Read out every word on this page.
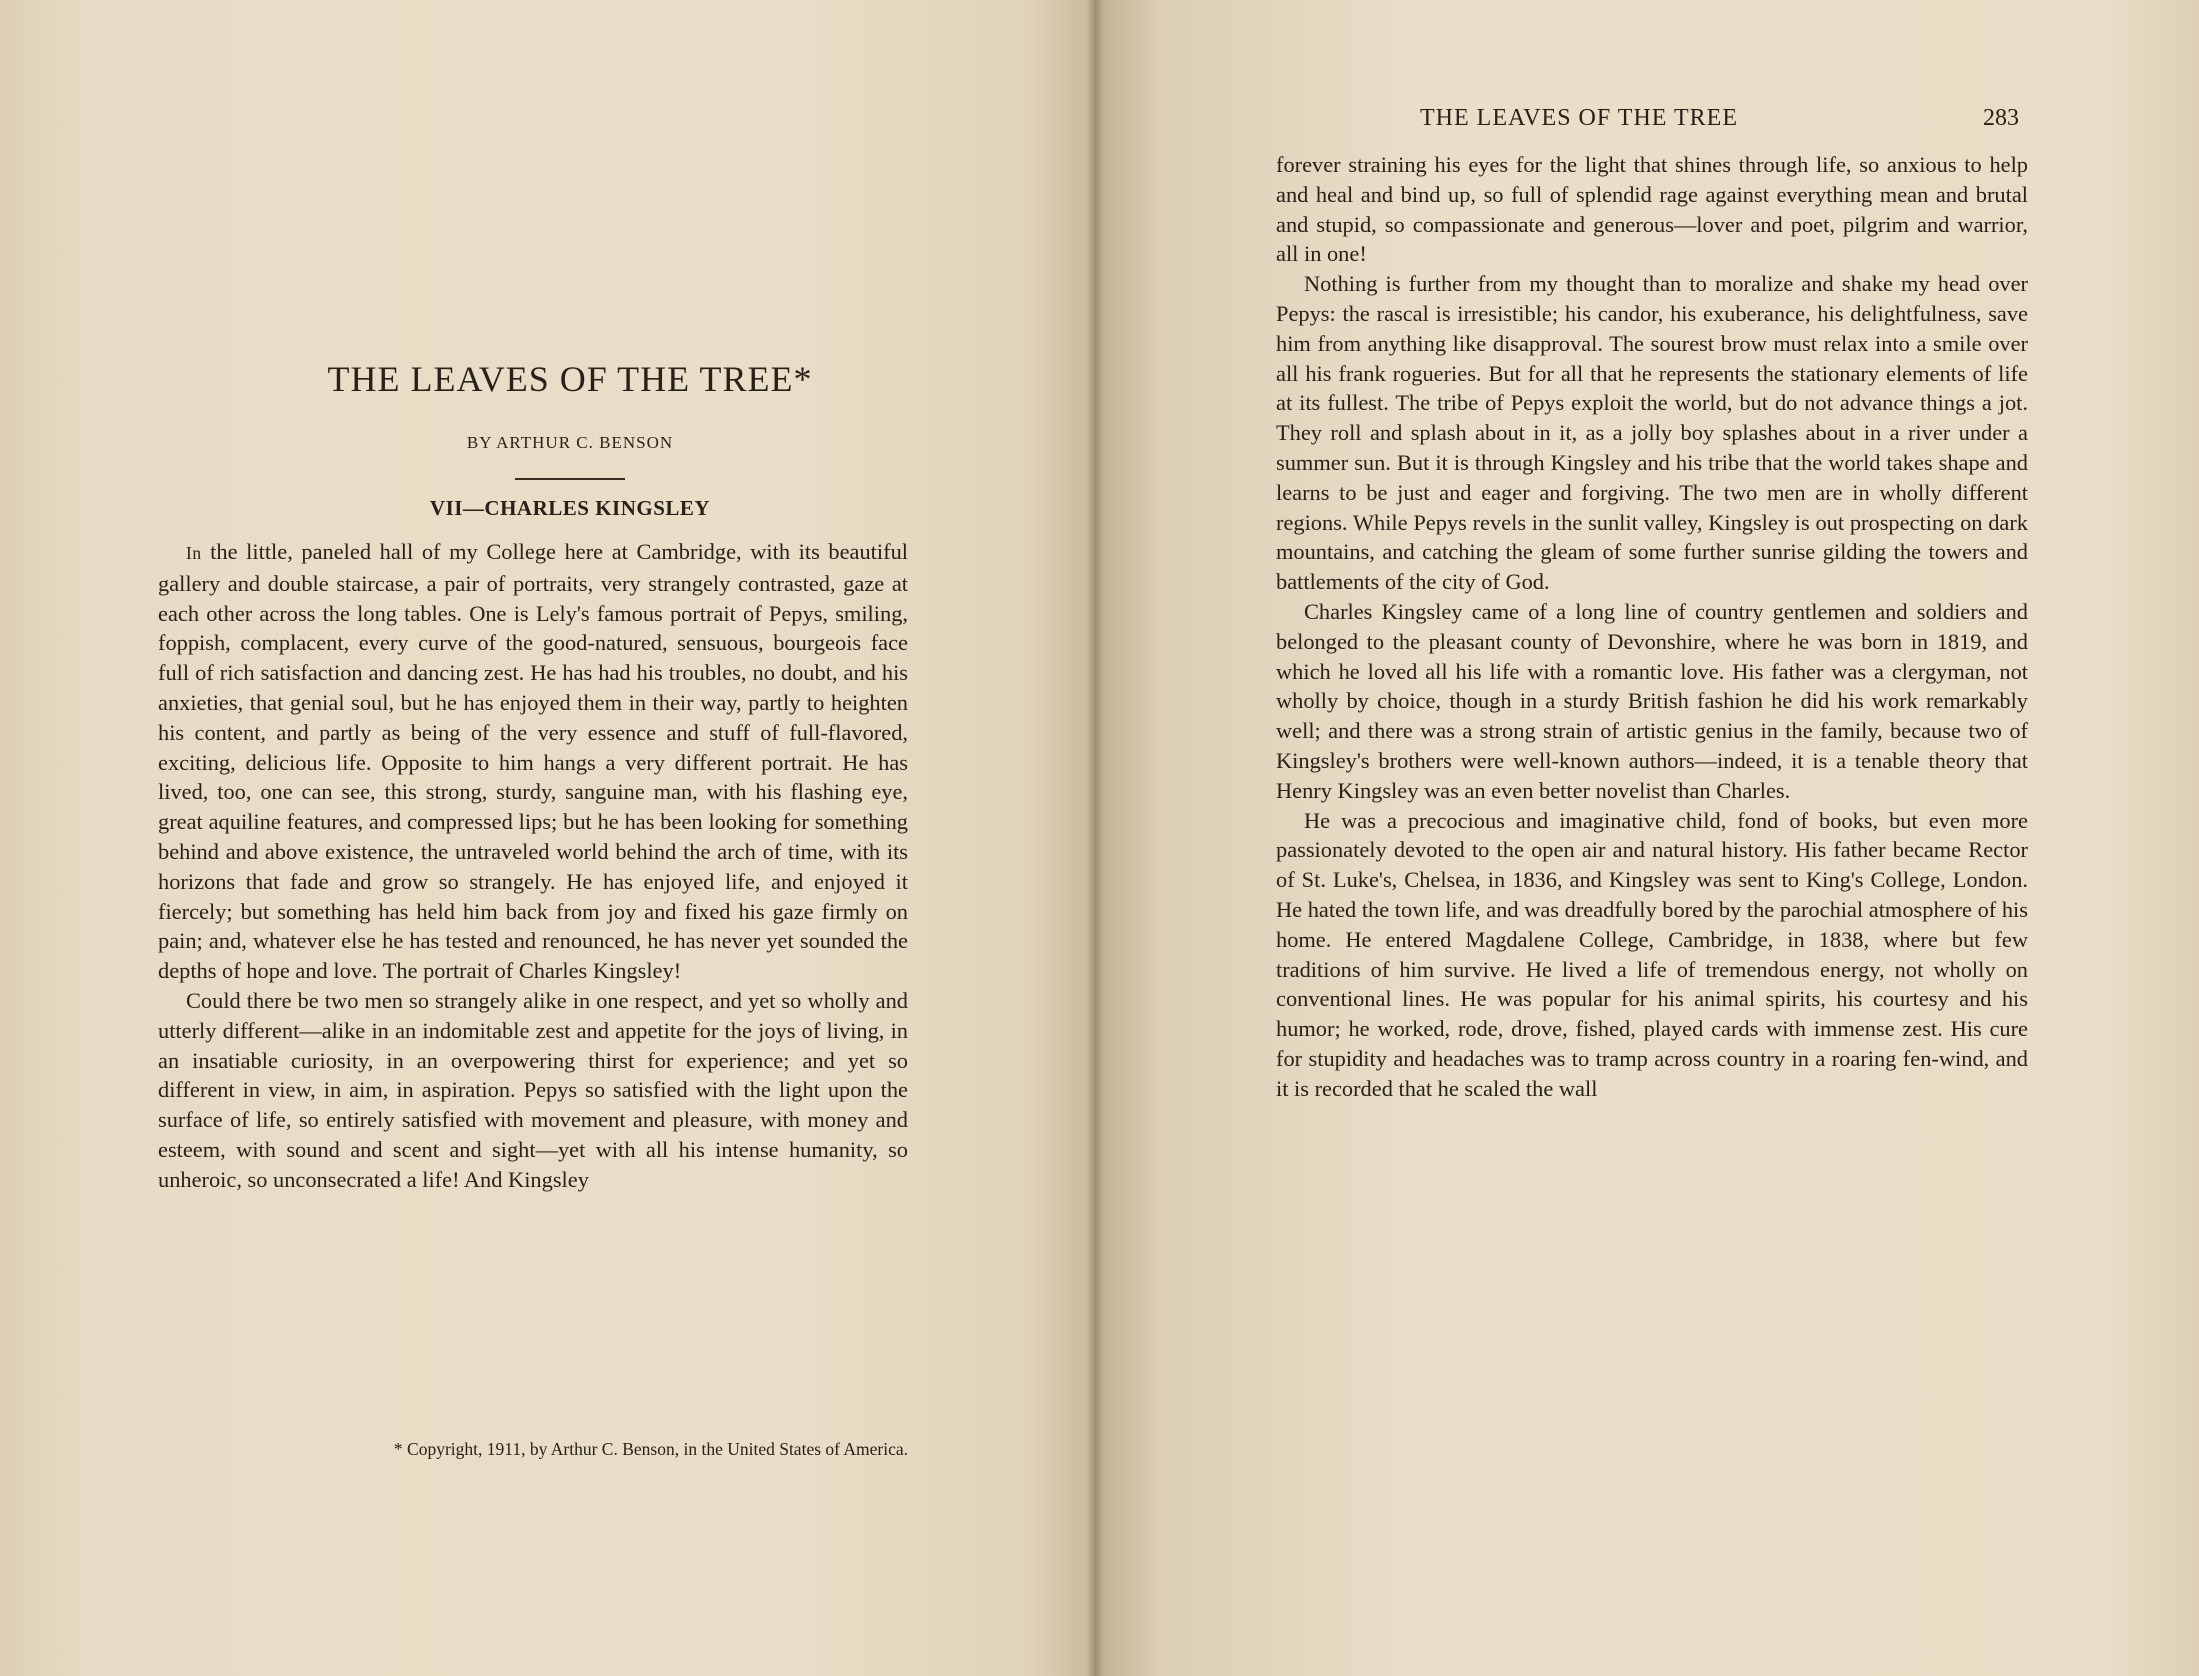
THE LEAVES OF THE TREE*

BY ARTHUR C. BENSON

VII—CHARLES KINGSLEY

In the little, paneled hall of my College here at Cambridge, with its beautiful gallery and double staircase, a pair of portraits, very strangely contrasted, gaze at each other across the long tables. One is Lely's famous portrait of Pepys, smiling, foppish, complacent, every curve of the good-natured, sensuous, bourgeois face full of rich satisfaction and dancing zest. He has had his troubles, no doubt, and his anxieties, that genial soul, but he has enjoyed them in their way, partly to heighten his content, and partly as being of the very essence and stuff of full-flavored, exciting, delicious life. Opposite to him hangs a very different portrait. He has lived, too, one can see, this strong, sturdy, sanguine man, with his flashing eye, great aquiline features, and compressed lips; but he has been looking for something behind and above existence, the untraveled world behind the arch of time, with its horizons that fade and grow so strangely. He has enjoyed life, and enjoyed it fiercely; but something has held him back from joy and fixed his gaze firmly on pain; and, whatever else he has tested and renounced, he has never yet sounded the depths of hope and love. The portrait of Charles Kingsley!

Could there be two men so strangely alike in one respect, and yet so wholly and utterly different—alike in an indomitable zest and appetite for the joys of living, in an insatiable curiosity, in an overpowering thirst for experience; and yet so different in view, in aim, in aspiration. Pepys so satisfied with the light upon the surface of life, so entirely satisfied with movement and pleasure, with money and esteem, with sound and scent and sight—yet with all his intense humanity, so unheroic, so unconsecrated a life! And Kingsley

* Copyright, 1911, by Arthur C. Benson, in the United States of America.

THE LEAVES OF THE TREE	283

forever straining his eyes for the light that shines through life, so anxious to help and heal and bind up, so full of splendid rage against everything mean and brutal and stupid, so compassionate and generous—lover and poet, pilgrim and warrior, all in one!

Nothing is further from my thought than to moralize and shake my head over Pepys: the rascal is irresistible; his candor, his exuberance, his delightfulness, save him from anything like disapproval. The sourest brow must relax into a smile over all his frank rogueries. But for all that he represents the stationary elements of life at its fullest. The tribe of Pepys exploit the world, but do not advance things a jot. They roll and splash about in it, as a jolly boy splashes about in a river under a summer sun. But it is through Kingsley and his tribe that the world takes shape and learns to be just and eager and forgiving. The two men are in wholly different regions. While Pepys revels in the sunlit valley, Kingsley is out prospecting on dark mountains, and catching the gleam of some further sunrise gilding the towers and battlements of the city of God.

Charles Kingsley came of a long line of country gentlemen and soldiers and belonged to the pleasant county of Devonshire, where he was born in 1819, and which he loved all his life with a romantic love. His father was a clergyman, not wholly by choice, though in a sturdy British fashion he did his work remarkably well; and there was a strong strain of artistic genius in the family, because two of Kingsley's brothers were well-known authors—indeed, it is a tenable theory that Henry Kingsley was an even better novelist than Charles.

He was a precocious and imaginative child, fond of books, but even more passionately devoted to the open air and natural history. His father became Rector of St. Luke's, Chelsea, in 1836, and Kingsley was sent to King's College, London. He hated the town life, and was dreadfully bored by the parochial atmosphere of his home. He entered Magdalene College, Cambridge, in 1838, where but few traditions of him survive. He lived a life of tremendous energy, not wholly on conventional lines. He was popular for his animal spirits, his courtesy and his humor; he worked, rode, drove, fished, played cards with immense zest. His cure for stupidity and headaches was to tramp across country in a roaring fen-wind, and it is recorded that he scaled the wall
